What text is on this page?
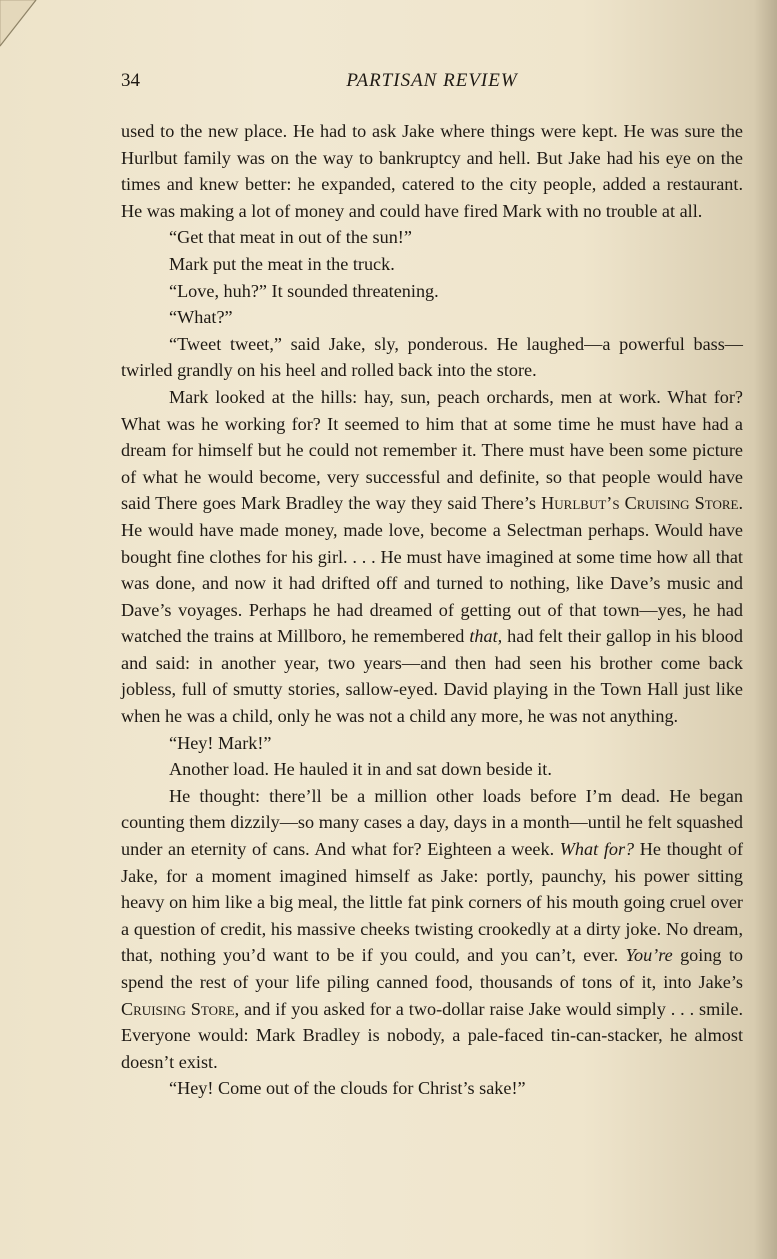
34	PARTISAN REVIEW

used to the new place. He had to ask Jake where things were kept. He was sure the Hurlbut family was on the way to bankruptcy and hell. But Jake had his eye on the times and knew better: he expanded, catered to the city people, added a restaurant. He was making a lot of money and could have fired Mark with no trouble at all.

“Get that meat in out of the sun!”

Mark put the meat in the truck.

“Love, huh?” It sounded threatening.

“What?”

“Tweet tweet,” said Jake, sly, ponderous. He laughed—a powerful bass—twirled grandly on his heel and rolled back into the store.

Mark looked at the hills: hay, sun, peach orchards, men at work. What for? What was he working for? It seemed to him that at some time he must have had a dream for himself but he could not remember it. There must have been some picture of what he would become, very successful and definite, so that people would have said There goes Mark Bradley the way they said There’s Hurlbut’s Cruising Store. He would have made money, made love, become a Selectman perhaps. Would have bought fine clothes for his girl. . . . He must have imagined at some time how all that was done, and now it had drifted off and turned to nothing, like Dave’s music and Dave’s voyages. Perhaps he had dreamed of getting out of that town—yes, he had watched the trains at Millboro, he remembered that, had felt their gallop in his blood and said: in another year, two years—and then had seen his brother come back jobless, full of smutty stories, sallow-eyed. David playing in the Town Hall just like when he was a child, only he was not a child any more, he was not anything.

“Hey! Mark!”

Another load. He hauled it in and sat down beside it.

He thought: there’ll be a million other loads before I’m dead. He began counting them dizzily—so many cases a day, days in a month—until he felt squashed under an eternity of cans. And what for? Eighteen a week. What for? He thought of Jake, for a moment imagined himself as Jake: portly, paunchy, his power sitting heavy on him like a big meal, the little fat pink corners of his mouth going cruel over a question of credit, his massive cheeks twisting crookedly at a dirty joke. No dream, that, nothing you’d want to be if you could, and you can’t, ever. You’re going to spend the rest of your life piling canned food, thousands of tons of it, into Jake’s Cruising Store, and if you asked for a two-dollar raise Jake would simply . . . smile. Everyone would: Mark Bradley is nobody, a pale-faced tin-can-stacker, he almost doesn’t exist.

“Hey! Come out of the clouds for Christ’s sake!”
